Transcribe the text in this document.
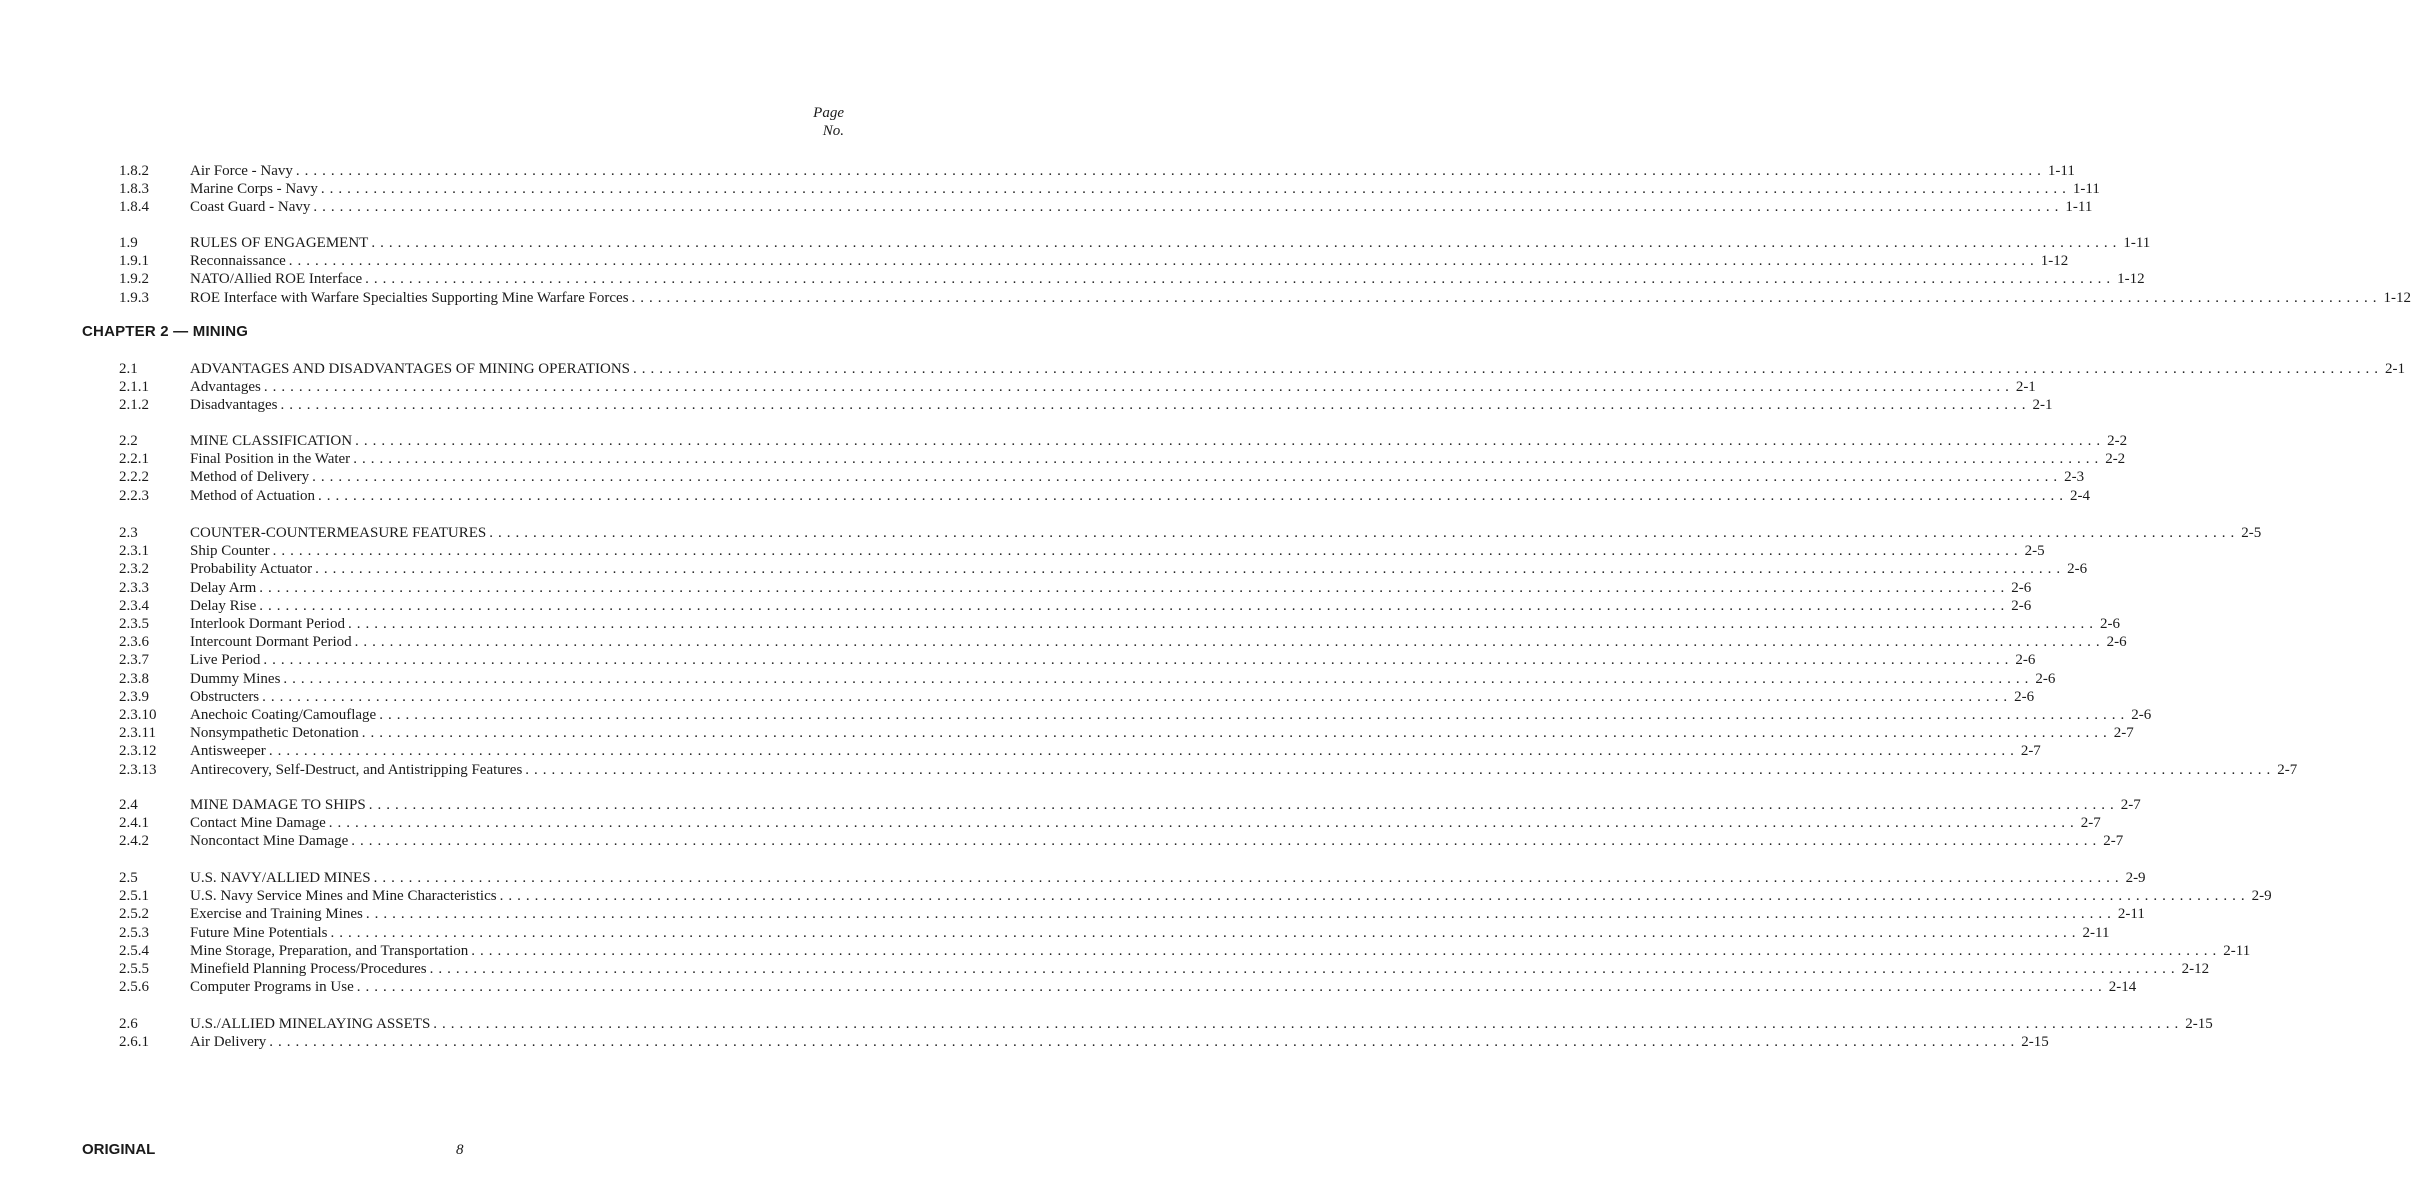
Page
No.
1.8.2	Air Force - Navy ........................................................................................................................................................................................................ 1-11
1.8.3	Marine Corps - Navy ........................................................................................................................................................................................................ 1-11
1.8.4	Coast Guard - Navy ........................................................................................................................................................................................................ 1-11
1.9	RULES OF ENGAGEMENT ........................................................................................................................................................................................................ 1-11
1.9.1	Reconnaissance ........................................................................................................................................................................................................ 1-12
1.9.2	NATO/Allied ROE Interface ........................................................................................................................................................................................................ 1-12
1.9.3	ROE Interface with Warfare Specialties Supporting Mine Warfare Forces ........................................................................................................................................................................................................ 1-12
2.1	ADVANTAGES AND DISADVANTAGES OF MINING OPERATIONS ........................................................................................................................................................................................................ 2-1
2.1.1	Advantages ........................................................................................................................................................................................................ 2-1
2.1.2	Disadvantages ........................................................................................................................................................................................................ 2-1
2.2	MINE CLASSIFICATION ........................................................................................................................................................................................................ 2-2
2.2.1	Final Position in the Water ........................................................................................................................................................................................................ 2-2
2.2.2	Method of Delivery ........................................................................................................................................................................................................ 2-3
2.2.3	Method of Actuation ........................................................................................................................................................................................................ 2-4
2.3	COUNTER-COUNTERMEASURE FEATURES ........................................................................................................................................................................................................ 2-5
2.3.1	Ship Counter ........................................................................................................................................................................................................ 2-5
2.3.2	Probability Actuator ........................................................................................................................................................................................................ 2-6
2.3.3	Delay Arm ........................................................................................................................................................................................................ 2-6
2.3.4	Delay Rise ........................................................................................................................................................................................................ 2-6
2.3.5	Interlook Dormant Period ........................................................................................................................................................................................................ 2-6
2.3.6	Intercount Dormant Period ........................................................................................................................................................................................................ 2-6
2.3.7	Live Period ........................................................................................................................................................................................................ 2-6
2.3.8	Dummy Mines ........................................................................................................................................................................................................ 2-6
2.3.9	Obstructers ........................................................................................................................................................................................................ 2-6
2.3.10 Anechoic Coating/Camouflage ........................................................................................................................................................................................................ 2-6
2.3.11 Nonsympathetic Detonation ........................................................................................................................................................................................................ 2-7
2.3.12 Antisweeper ........................................................................................................................................................................................................ 2-7
2.3.13 Antirecovery, Self-Destruct, and Antistripping Features ........................................................................................................................................................................................................ 2-7
2.4	MINE DAMAGE TO SHIPS ........................................................................................................................................................................................................ 2-7
2.4.1	Contact Mine Damage ........................................................................................................................................................................................................ 2-7
2.4.2	Noncontact Mine Damage ........................................................................................................................................................................................................ 2-7
2.5	U.S. NAVY/ALLIED MINES ........................................................................................................................................................................................................ 2-9
2.5.1	U.S. Navy Service Mines and Mine Characteristics ........................................................................................................................................................................................................ 2-9
2.5.2	Exercise and Training Mines ........................................................................................................................................................................................................ 2-11
2.5.3	Future Mine Potentials ........................................................................................................................................................................................................ 2-11
2.5.4	Mine Storage, Preparation, and Transportation ........................................................................................................................................................................................................ 2-11
2.5.5	Minefield Planning Process/Procedures ........................................................................................................................................................................................................ 2-12
2.5.6	Computer Programs in Use ........................................................................................................................................................................................................ 2-14
2.6	U.S./ALLIED MINELAYING ASSETS ........................................................................................................................................................................................................ 2-15
2.6.1	Air Delivery ........................................................................................................................................................................................................ 2-15
CHAPTER 2 — MINING
ORIGINAL	8
